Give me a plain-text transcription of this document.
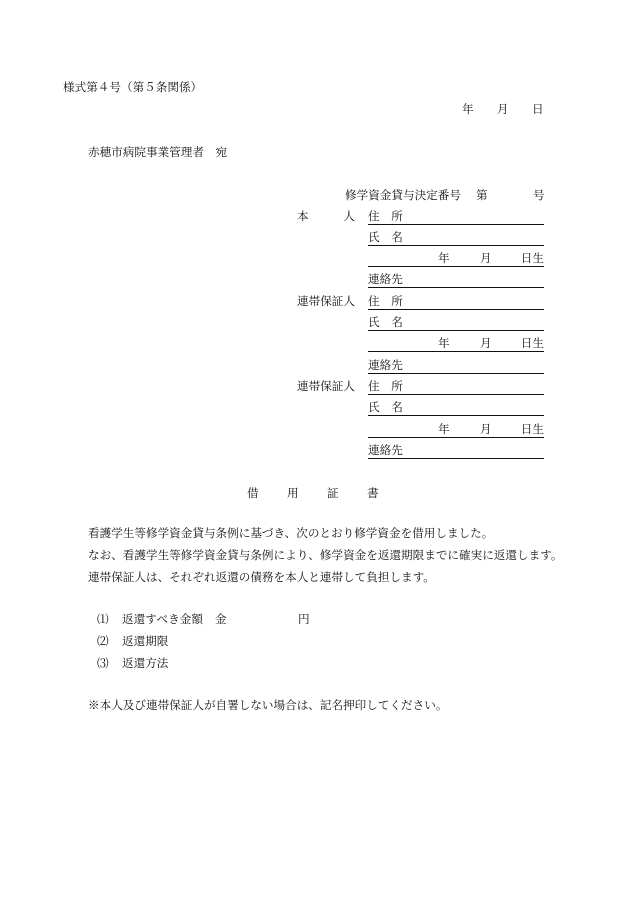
様式第４号（第５条関係）
年 月 日
赤穂市病院事業管理者　宛
修学資金貸与決定番号 第	号
本　　　人 住　所
氏　名
年	月	日生
連絡先
連帯保証人 住　所
氏　名
年	月	日生
連絡先
連帯保証人 住　所
氏　名
年	月	日生
連絡先
借用証書
看護学生等修学資金貸与条例に基づき、次のとおり修学資金を借用しました。
なお、看護学生等修学資金貸与条例により、修学資金を返還期限までに確実に返還します。
連帯保証人は、それぞれ返還の債務を本人と連帯して負担します。
⑴ 返還すべき金額 金	円
⑵ 返還期限
⑶ 返還方法
※本人及び連帯保証人が自署しない場合は、記名押印してください。
